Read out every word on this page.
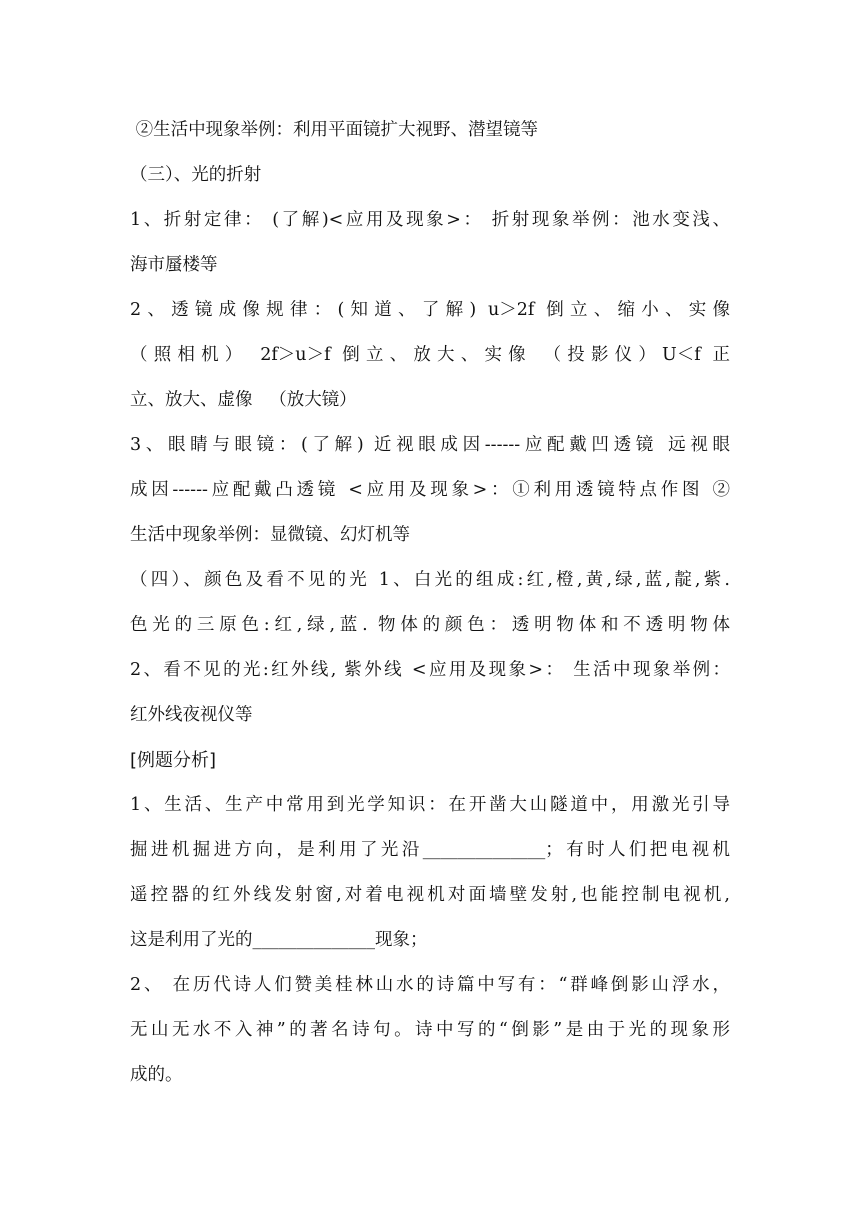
②生活中现象举例：利用平面镜扩大视野、潜望镜等
（三）、光的折射
1、折射定律： (了解)<应用及现象>： 折射现象举例：池水变浅、
海市蜃楼等
2、透镜成像规律：(知道、了解) u＞2f 倒立、缩小、实像
（照相机） 2f＞u＞f 倒立、放大、实像 （投影仪）U＜f 正
立、放大、虚像   （放大镜）
3、眼睛与眼镜：(了解) 近视眼成因------应配戴凹透镜 远视眼
成因------应配戴凸透镜 <应用及现象>：①利用透镜特点作图 ②
生活中现象举例：显微镜、幻灯机等
（四）、颜色及看不见的光 1、白光的组成:红,橙,黄,绿,蓝,靛,紫.
色光的三原色:红,绿,蓝. 物体的颜色：透明物体和不透明物体
2、看不见的光:红外线, 紫外线 <应用及现象>： 生活中现象举例：
红外线夜视仪等
[例题分析]
1、生活、生产中常用到光学知识：在开凿大山隧道中，用激光引导
掘进机掘进方向，是利用了光沿______________；有时人们把电视机
遥控器的红外线发射窗,对着电视机对面墙壁发射,也能控制电视机,
这是利用了光的______________现象；
2、 在历代诗人们赞美桂林山水的诗篇中写有：“群峰倒影山浮水，
无山无水不入神”的著名诗句。诗中写的“倒影”是由于光的现象形
成的。
